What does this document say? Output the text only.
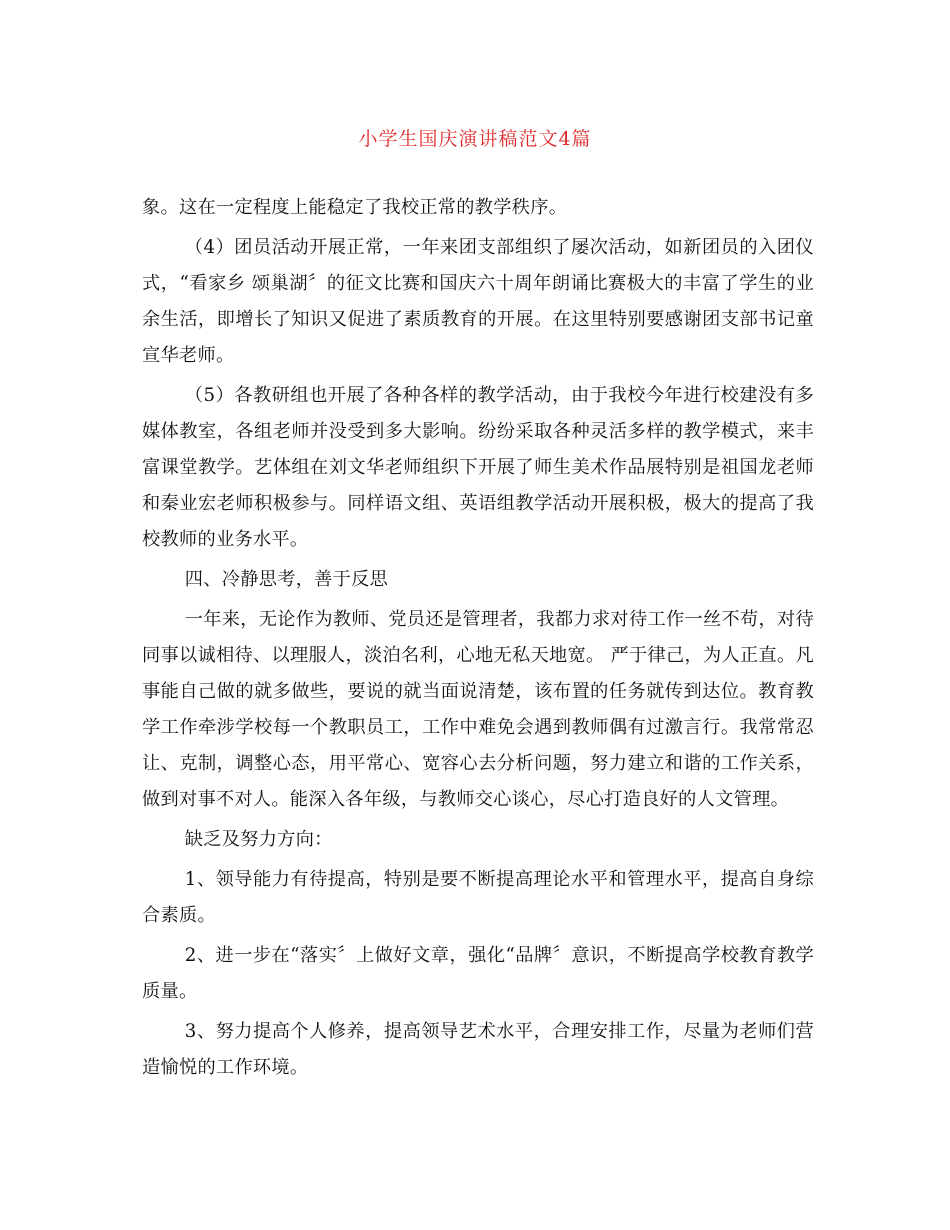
小学生国庆演讲稿范文4篇

象。这在一定程度上能稳定了我校正常的教学秩序。

（4）团员活动开展正常，一年来团支部组织了屡次活动，如新团员的入团仪式，“看家乡 颂巢湖〞的征文比赛和国庆六十周年朗诵比赛极大的丰富了学生的业余生活，即增长了知识又促进了素质教育的开展。在这里特别要感谢团支部书记童宣华老师。

（5）各教研组也开展了各种各样的教学活动，由于我校今年进行校建没有多媒体教室，各组老师并没受到多大影响。纷纷采取各种灵活多样的教学模式，来丰富课堂教学。艺体组在刘文华老师组织下开展了师生美术作品展特别是祖国龙老师和秦业宏老师积极参与。同样语文组、英语组教学活动开展积极，极大的提高了我校教师的业务水平。

四、冷静思考，善于反思

一年来，无论作为教师、党员还是管理者，我都力求对待工作一丝不苟，对待同事以诚相待、以理服人，淡泊名利，心地无私天地宽。 严于律己，为人正直。凡事能自己做的就多做些，要说的就当面说清楚，该布置的任务就传到达位。教育教学工作牵涉学校每一个教职员工，工作中难免会遇到教师偶有过激言行。我常常忍让、克制，调整心态，用平常心、宽容心去分析问题，努力建立和谐的工作关系，做到对事不对人。能深入各年级，与教师交心谈心，尽心打造良好的人文管理。

缺乏及努力方向：

1、领导能力有待提高，特别是要不断提高理论水平和管理水平，提高自身综合素质。

2、进一步在“落实〞上做好文章，强化“品牌〞意识，不断提高学校教育教学质量。

3、努力提高个人修养，提高领导艺术水平，合理安排工作，尽量为老师们营造愉悦的工作环境。
